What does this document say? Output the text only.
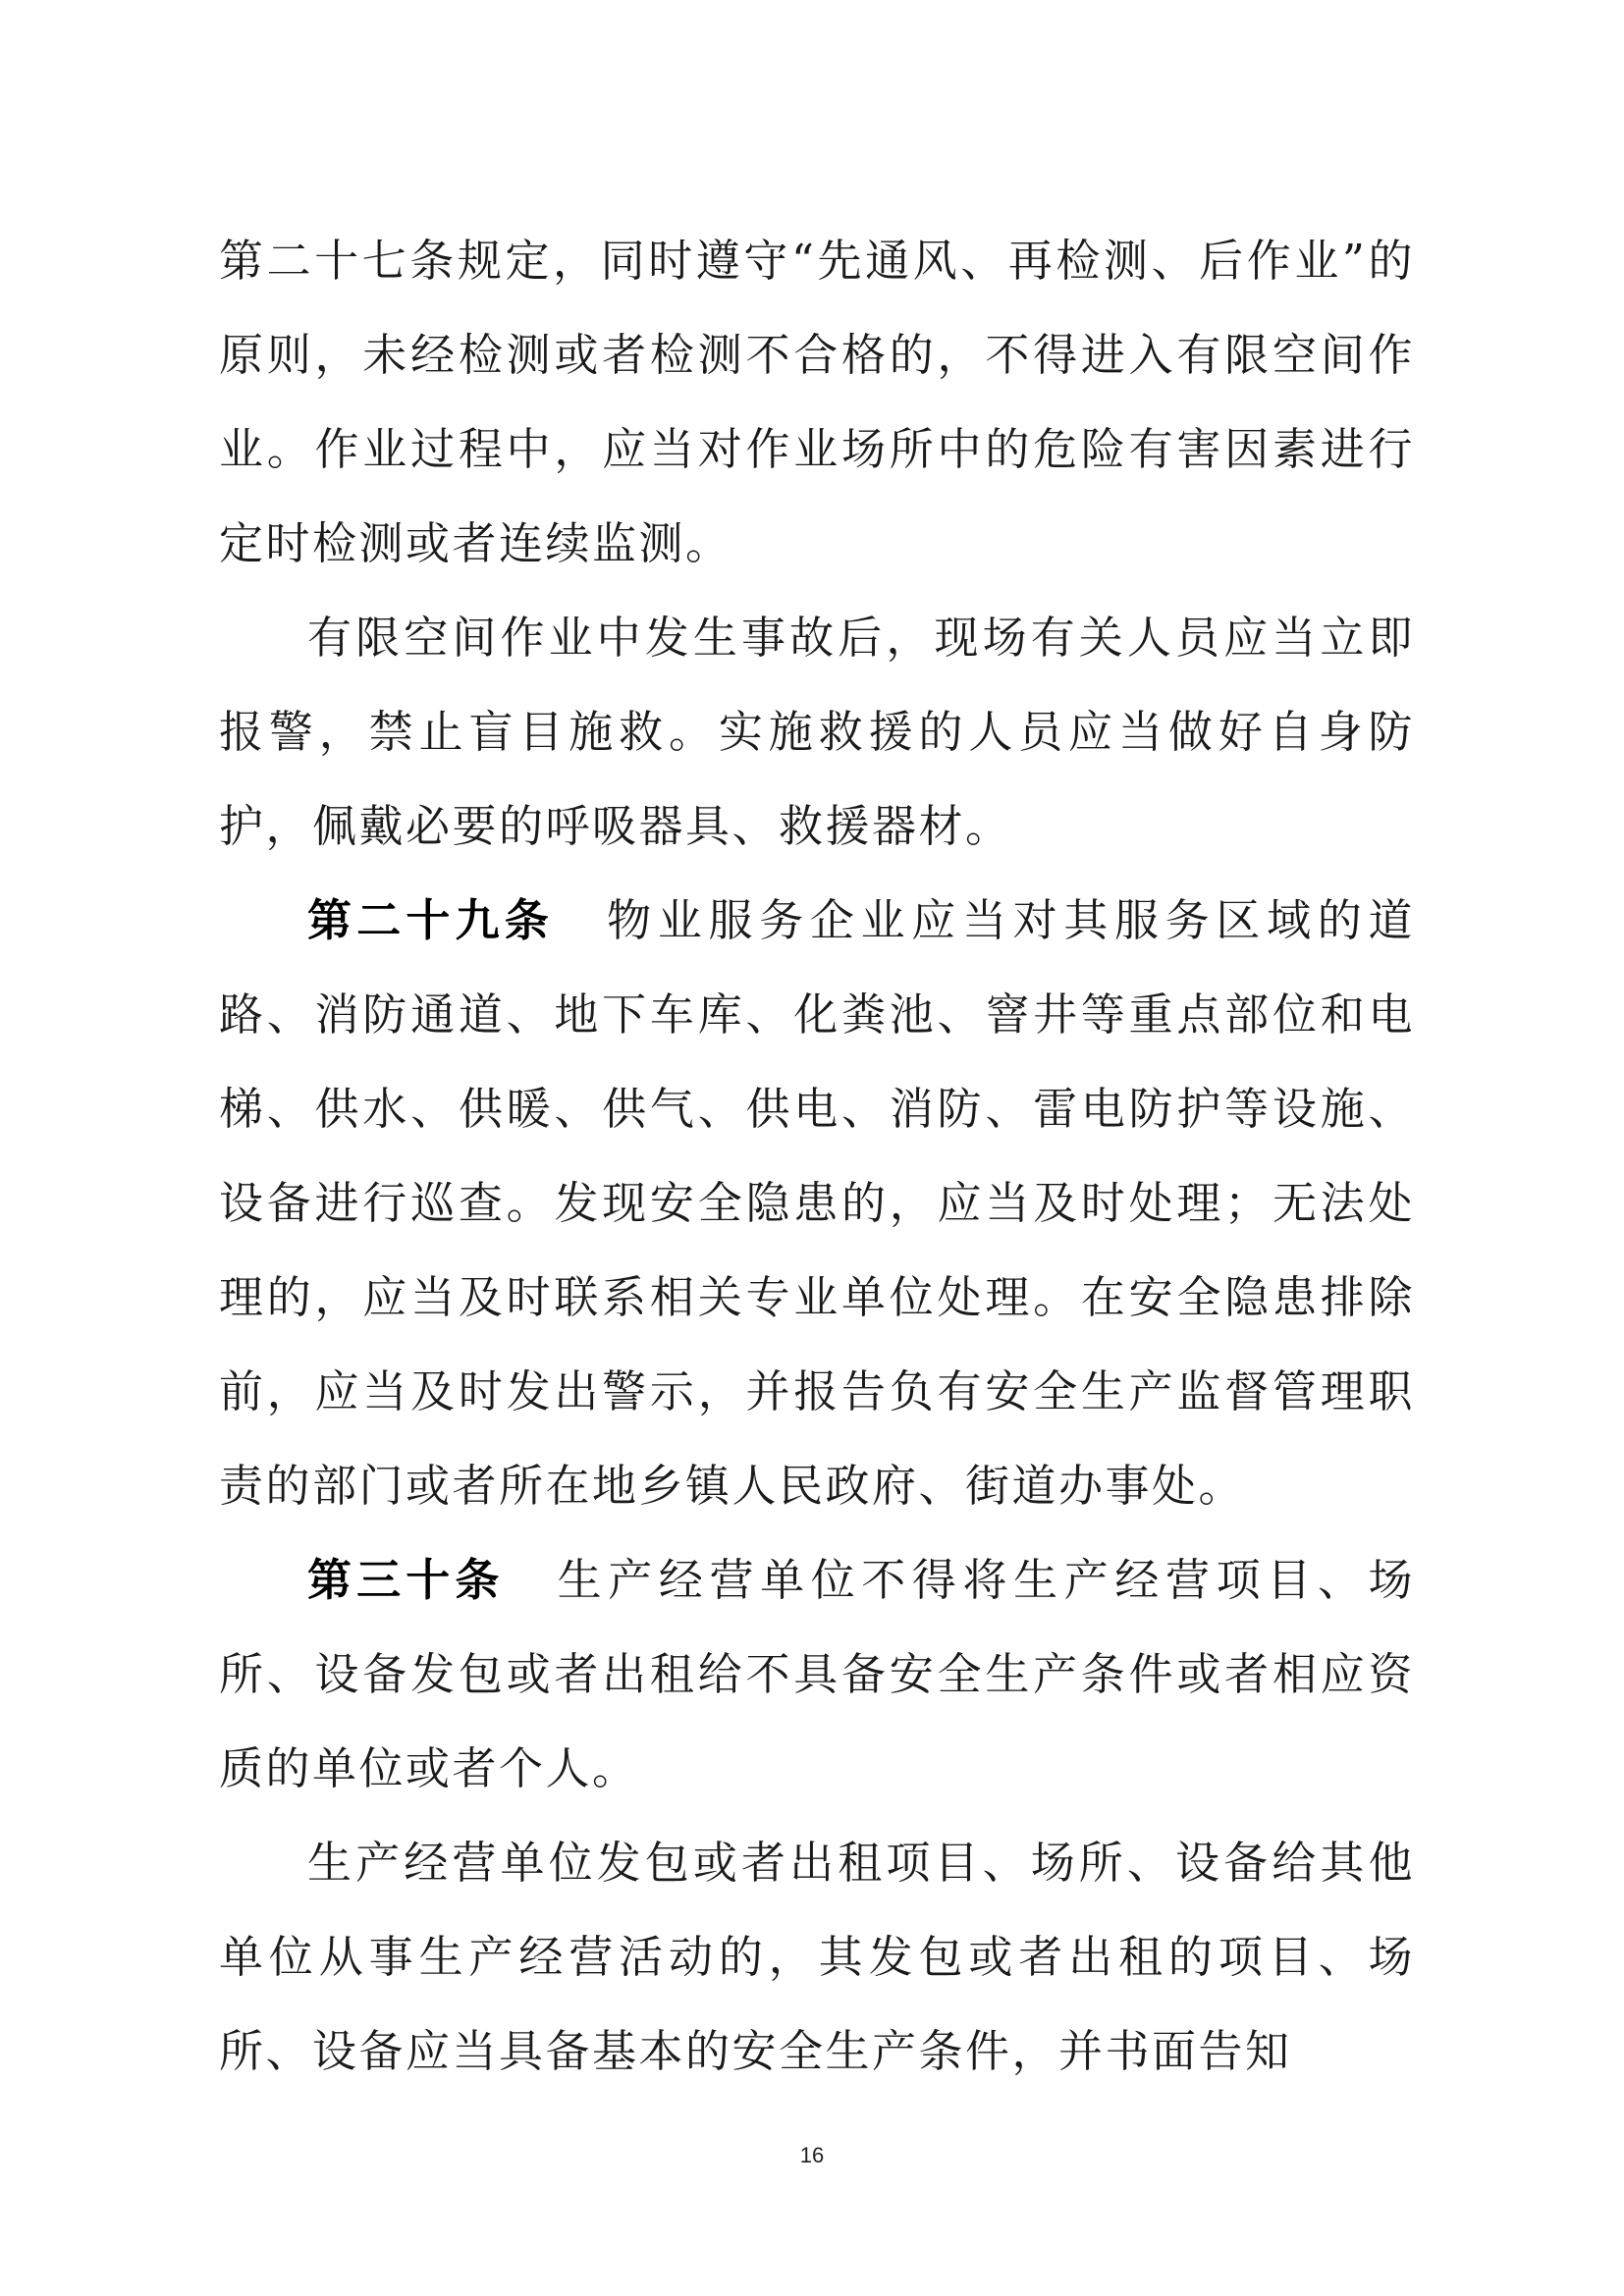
第二十七条规定，同时遵守“先通风、再检测、后作业”的原则，未经检测或者检测不合格的，不得进入有限空间作业。作业过程中，应当对作业场所中的危险有害因素进行定时检测或者连续监测。

有限空间作业中发生事故后，现场有关人员应当立即报警，禁止盲目施救。实施救援的人员应当做好自身防护，佩戴必要的呼吸器具、救援器材。

第二十九条 物业服务企业应当对其服务区域的道路、消防通道、地下车库、化粪池、窨井等重点部位和电梯、供水、供暖、供气、供电、消防、雷电防护等设施、设备进行巡查。发现安全隐患的，应当及时处理；无法处理的，应当及时联系相关专业单位处理。在安全隐患排除前，应当及时发出警示，并报告负有安全生产监督管理职责的部门或者所在地乡镇人民政府、街道办事处。

第三十条 生产经营单位不得将生产经营项目、场所、设备发包或者出租给不具备安全生产条件或者相应资质的单位或者个人。

生产经营单位发包或者出租项目、场所、设备给其他单位从事生产经营活动的，其发包或者出租的项目、场所、设备应当具备基本的安全生产条件，并书面告知

16
